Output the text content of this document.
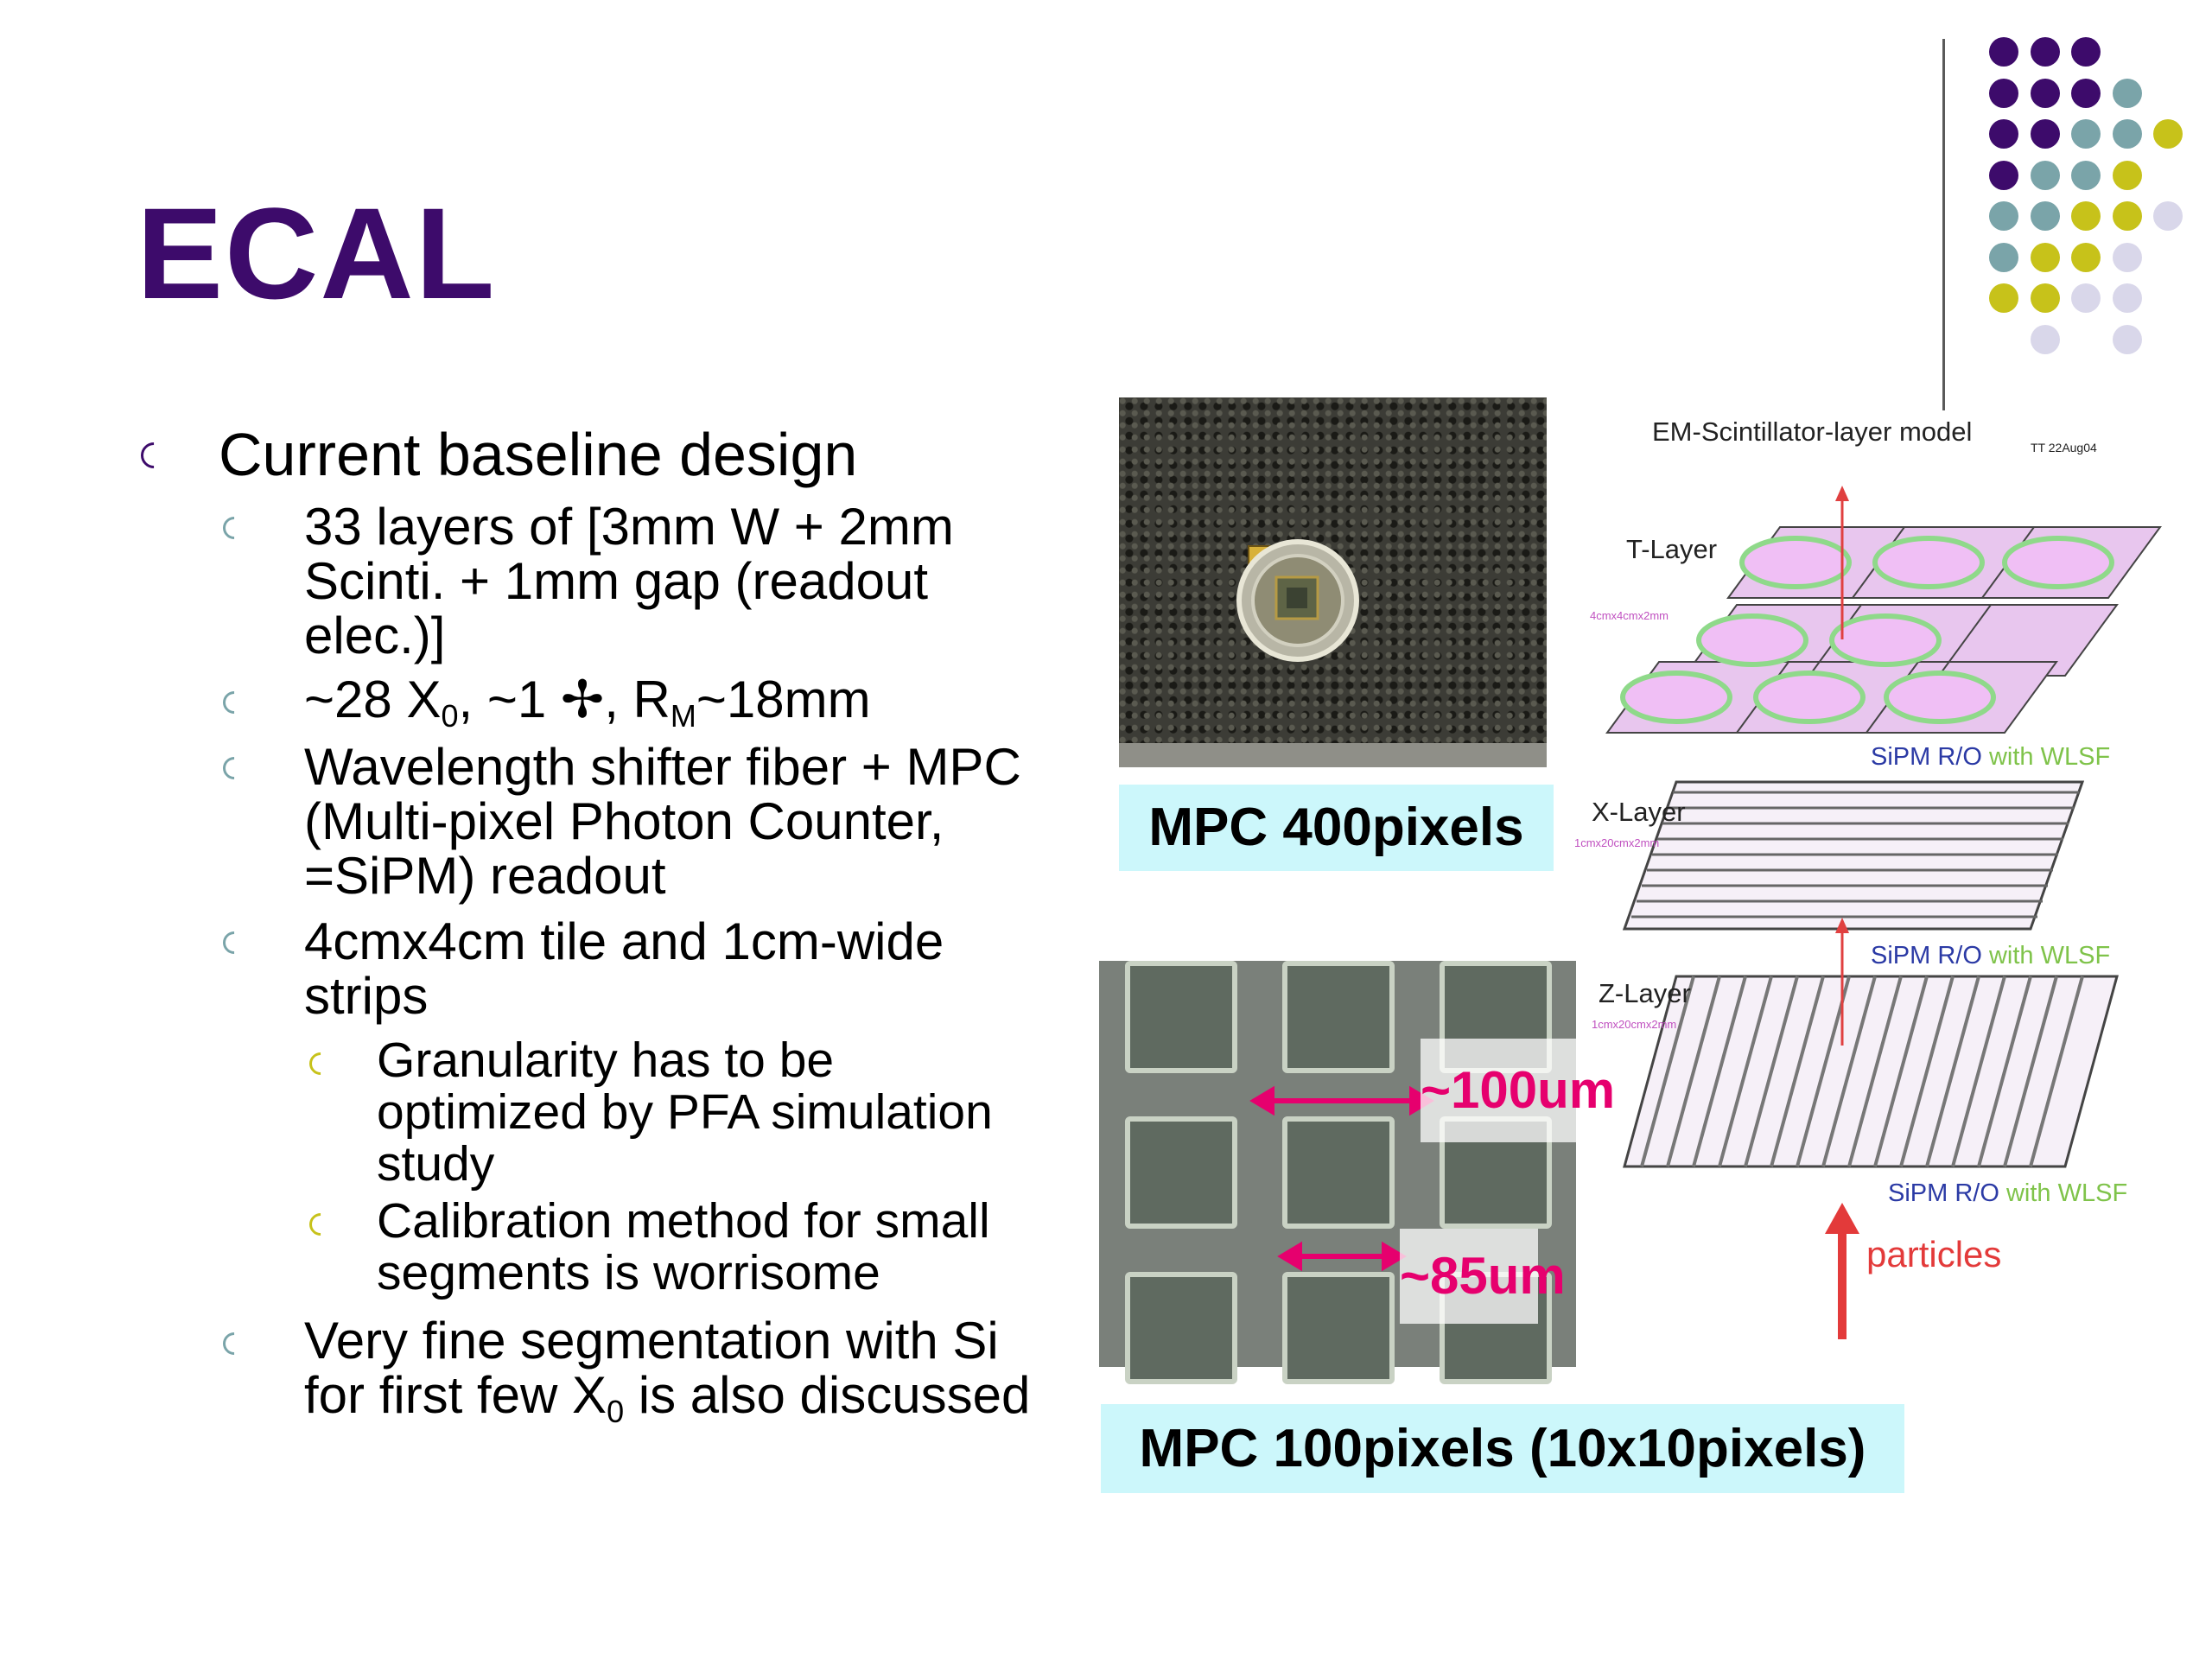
ECAL
Current baseline design
33 layers of [3mm W + 2mm
Scinti. + 1mm gap (readout
elec.)]
~28 $X_0$, ~1 ✢, $R_M\sim 18mm$
Wavelength shifter fiber + MPC
(Multi-pixel Photon Counter,
=SiPM) readout
4cmx4cm tile and 1cm-wide
strips
Granularity has to be
optimized by PFA simulation
study
Calibration method for small
segments is worrisome
Very fine segmentation with Si
for first few $X_0$ is also discussed
MPC 400pixels
~100um
~85um
MPC 100pixels (10x10pixels)
EM-Scintillator-layer model
TT 22Aug04
T-Layer
4cmx4cmx2mm
SiPM R/O with WLSF
X-Layer
1cmx20cmx2mm
SiPM R/O with WLSF
Z-Layer
1cmx20cmx2mm
SiPM R/O with WLSF
particles
